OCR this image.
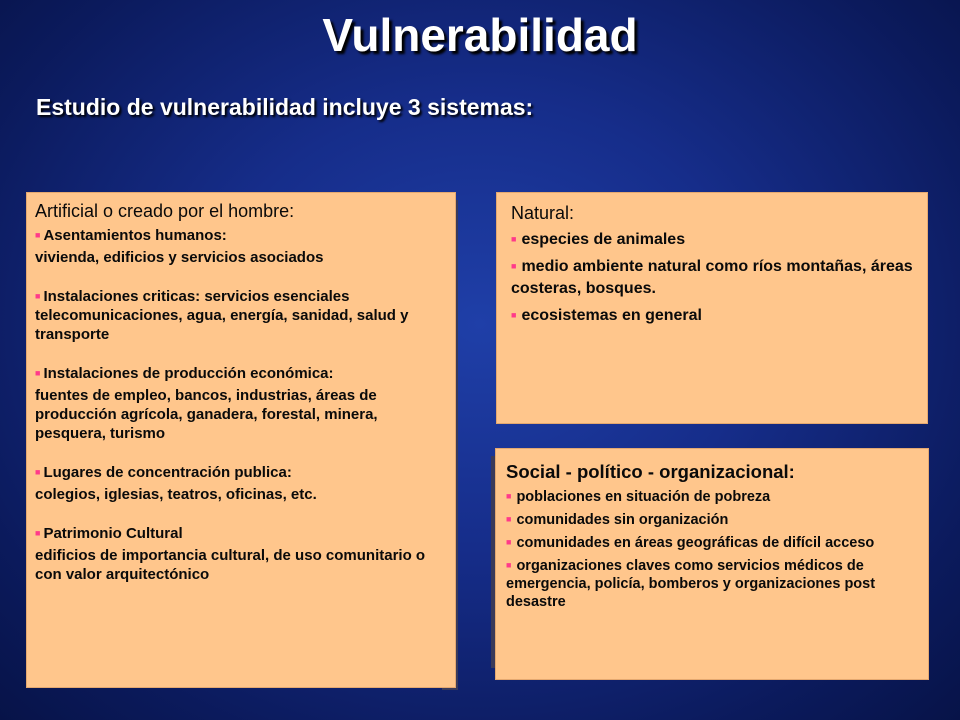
Vulnerabilidad
Estudio de vulnerabilidad incluye 3 sistemas:
Artificial o creado por el hombre:
■ Asentamientos humanos:
vivienda, edificios y servicios asociados
■ Instalaciones criticas: servicios esenciales telecomunicaciones, agua, energía, sanidad, salud y transporte
■ Instalaciones de producción económica:
fuentes de empleo, bancos, industrias, áreas de producción agrícola, ganadera, forestal, minera, pesquera, turismo
■ Lugares de concentración publica:
colegios, iglesias, teatros, oficinas, etc.
■ Patrimonio Cultural
edificios de importancia cultural, de uso comunitario o con valor arquitectónico
Natural:
■ especies de animales
■ medio ambiente natural como ríos montañas, áreas costeras, bosques.
■ ecosistemas en general
Social - político - organizacional:
■ poblaciones en situación de pobreza
■ comunidades sin organización
■ comunidades en áreas geográficas de difícil acceso
■ organizaciones claves como servicios médicos de emergencia, policía, bomberos y organizaciones post desastre
